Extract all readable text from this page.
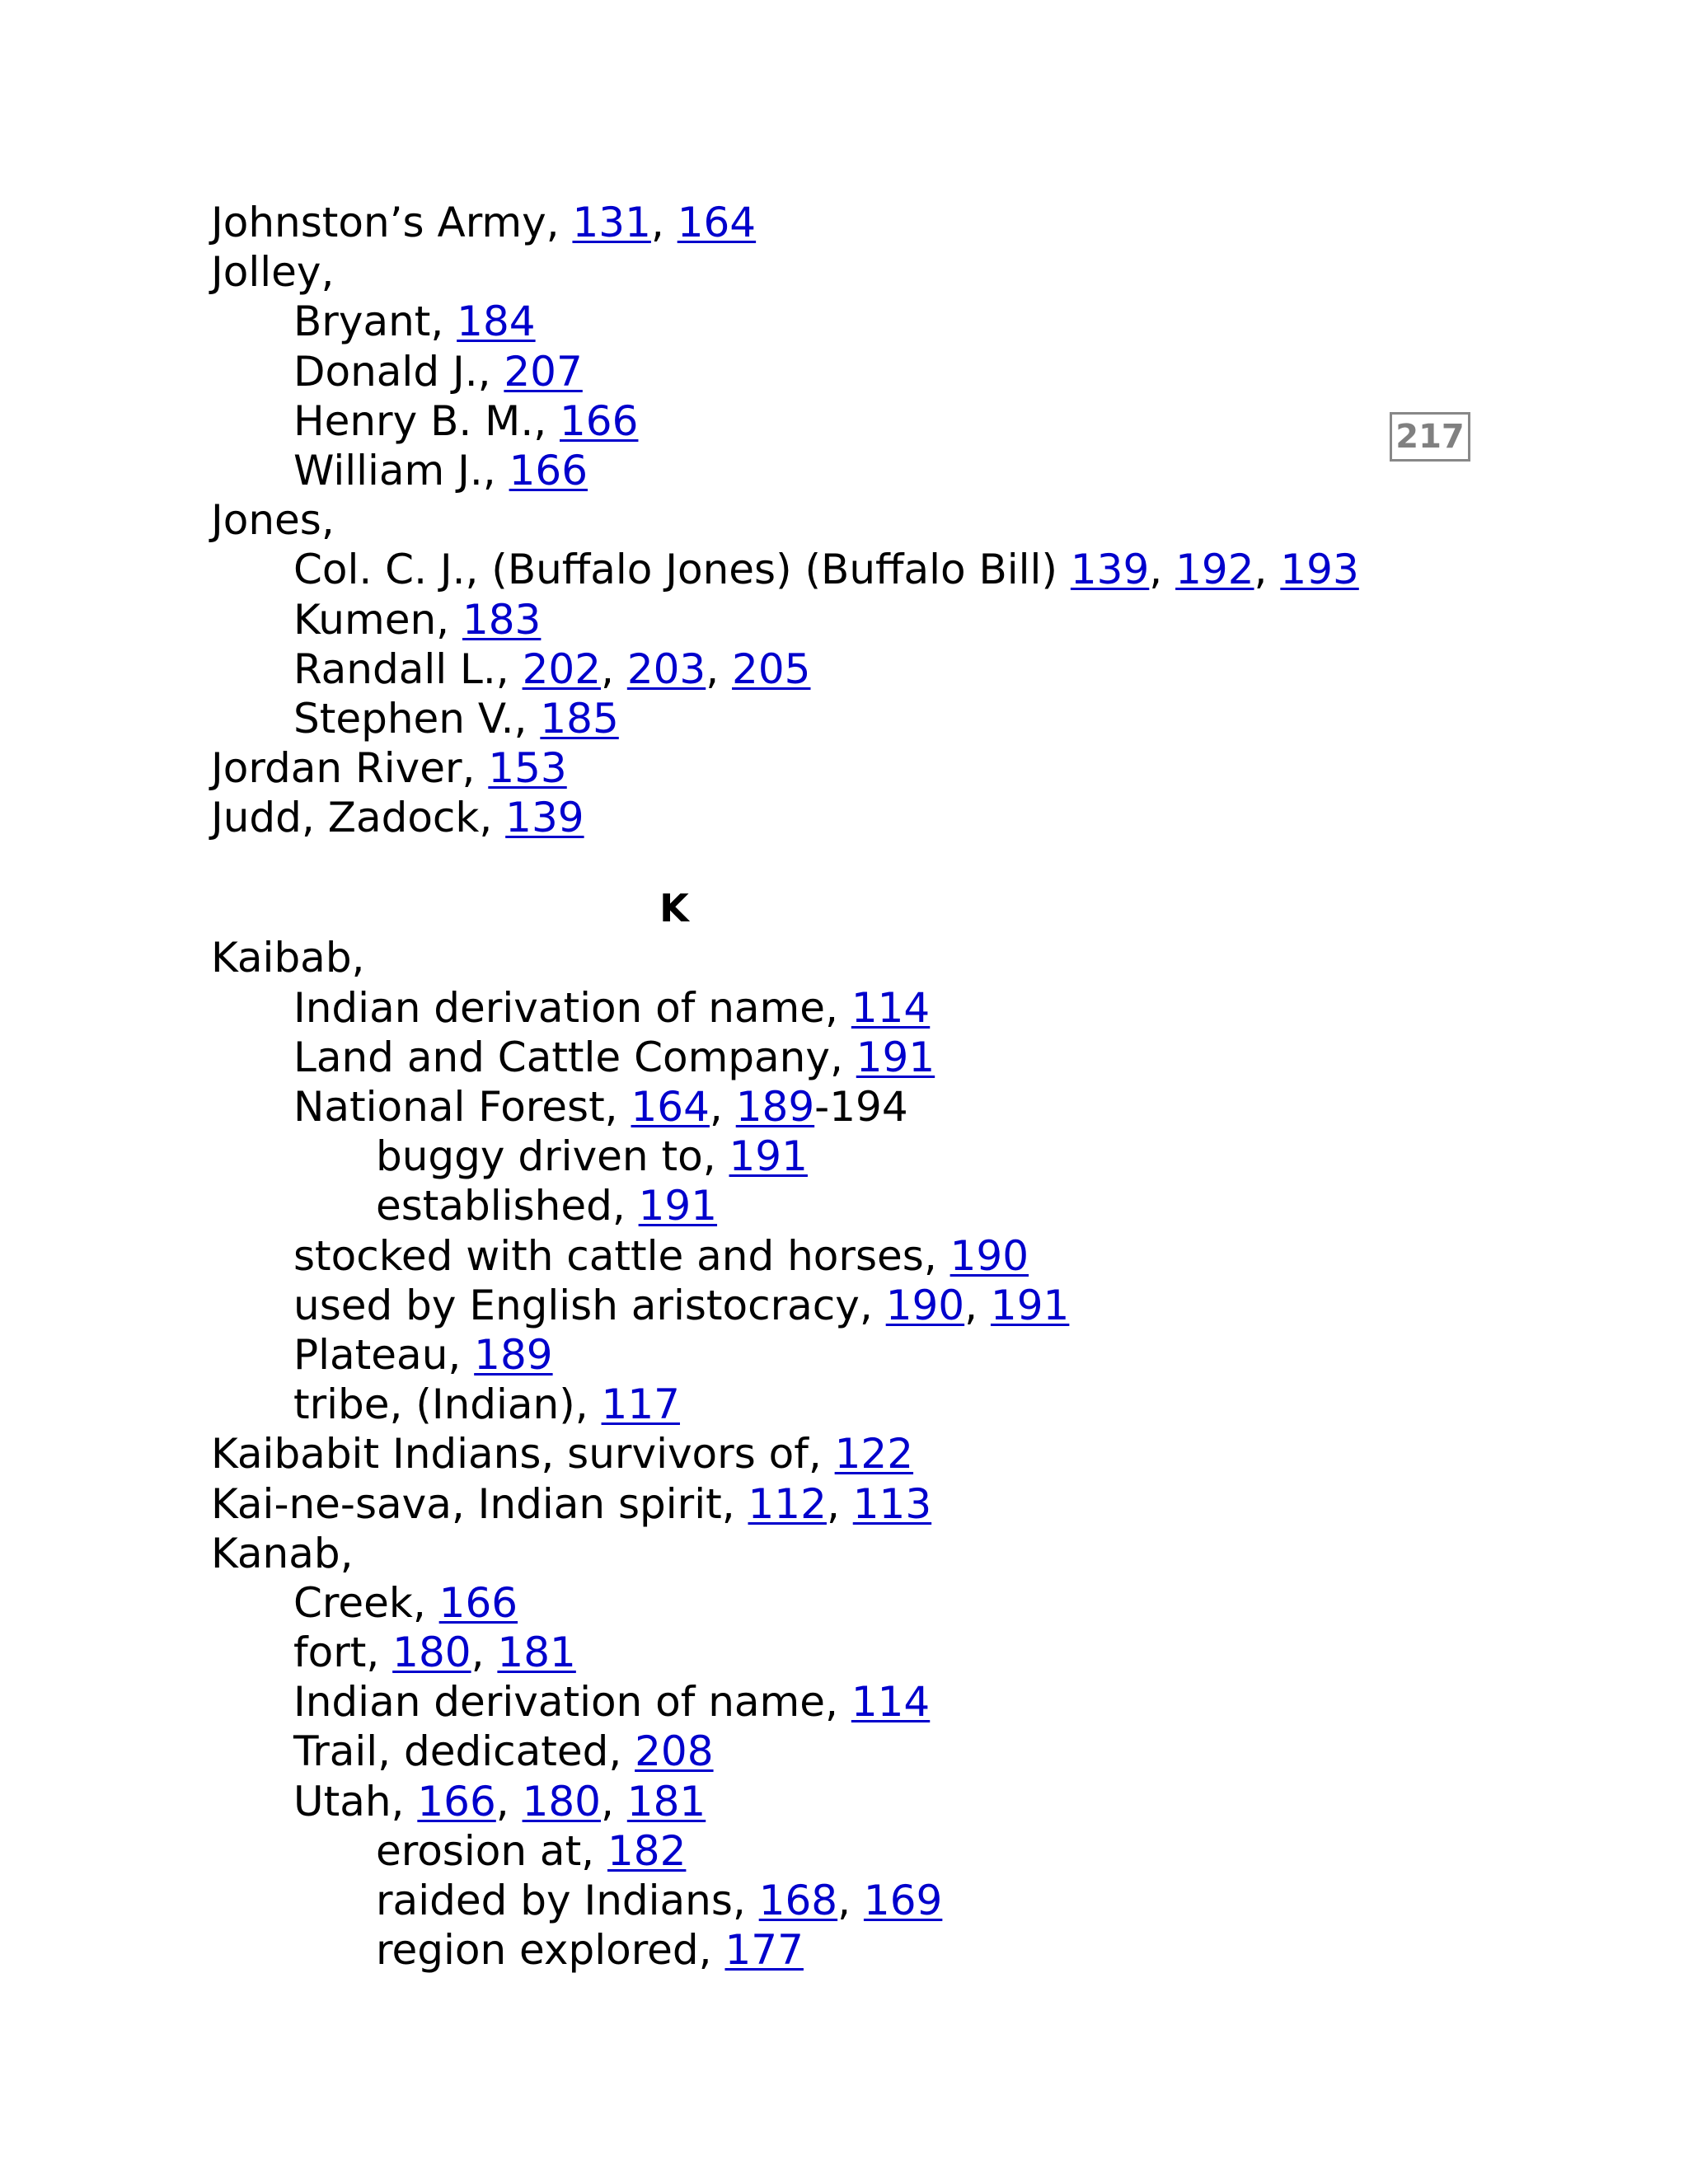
Johnston’s Army, 131, 164
Jolley,
Bryant, 184
Donald J., 207
Henry B. M., 166
William J., 166
Jones,
Col. C. J., (Buffalo Jones) (Buffalo Bill) 139, 192, 193
Kumen, 183
Randall L., 202, 203, 205
Stephen V., 185
Jordan River, 153
Judd, Zadock, 139
K
Kaibab,
Indian derivation of name, 114
Land and Cattle Company, 191
National Forest, 164, 189-194
buggy driven to, 191
established, 191
stocked with cattle and horses, 190
used by English aristocracy, 190, 191
Plateau, 189
tribe, (Indian), 117
Kaibabit Indians, survivors of, 122
Kai-ne-sava, Indian spirit, 112, 113
Kanab,
Creek, 166
fort, 180, 181
Indian derivation of name, 114
Trail, dedicated, 208
Utah, 166, 180, 181
erosion at, 182
raided by Indians, 168, 169
region explored, 177
217
